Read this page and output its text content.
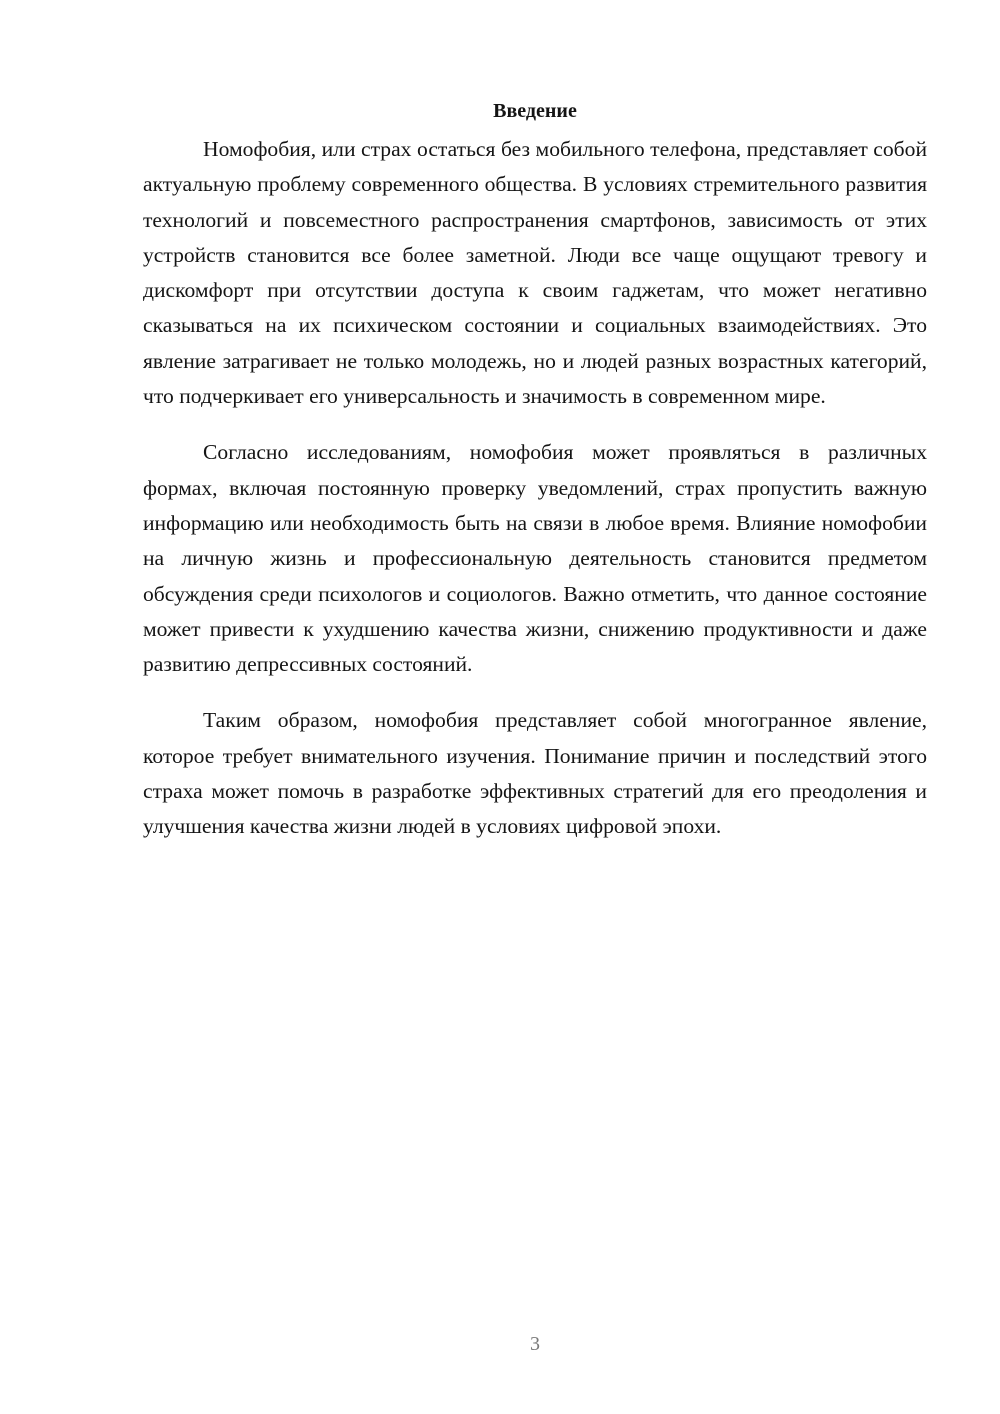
Введение

Номофобия, или страх остаться без мобильного телефона, представляет собой актуальную проблему современного общества. В условиях стремительного развития технологий и повсеместного распространения смартфонов, зависимость от этих устройств становится все более заметной. Люди все чаще ощущают тревогу и дискомфорт при отсутствии доступа к своим гаджетам, что может негативно сказываться на их психическом состоянии и социальных взаимодействиях. Это явление затрагивает не только молодежь, но и людей разных возрастных категорий, что подчеркивает его универсальность и значимость в современном мире.

Согласно исследованиям, номофобия может проявляться в различных формах, включая постоянную проверку уведомлений, страх пропустить важную информацию или необходимость быть на связи в любое время. Влияние номофобии на личную жизнь и профессиональную деятельность становится предметом обсуждения среди психологов и социологов. Важно отметить, что данное состояние может привести к ухудшению качества жизни, снижению продуктивности и даже развитию депрессивных состояний.

Таким образом, номофобия представляет собой многогранное явление, которое требует внимательного изучения. Понимание причин и последствий этого страха может помочь в разработке эффективных стратегий для его преодоления и улучшения качества жизни людей в условиях цифровой эпохи.

3
